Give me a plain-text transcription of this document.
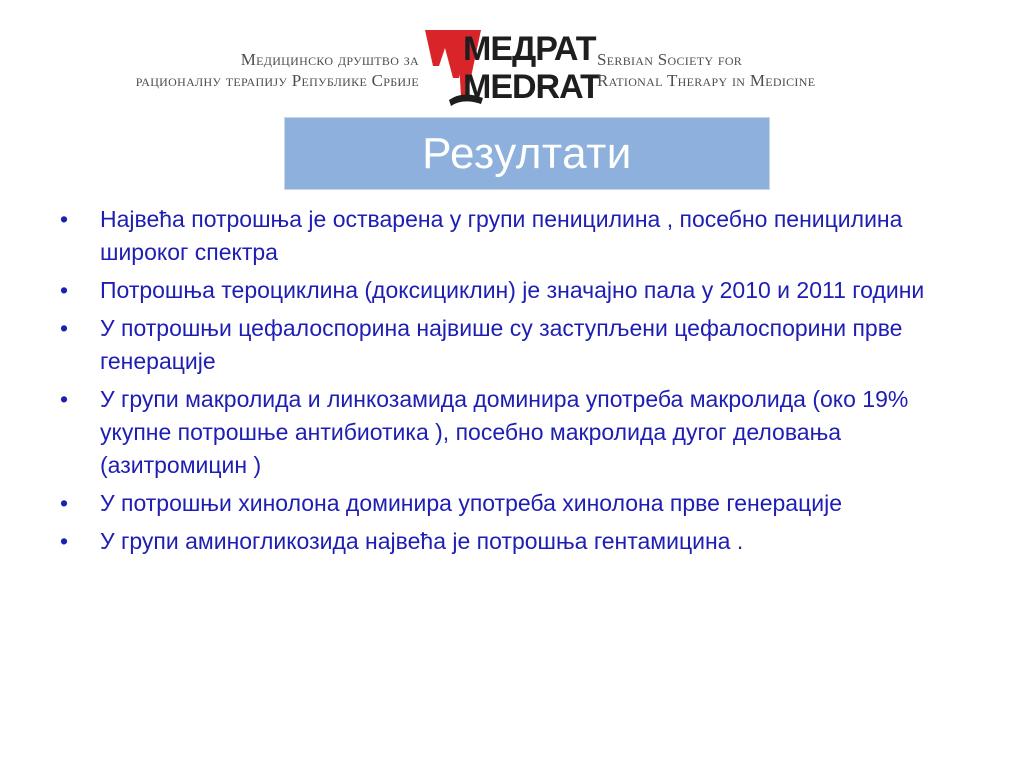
Медицинско друштво за
рационалну терапију Републике Србије
МЕДРАТ
MEDRAT
Serbian Society for
Rational Therapy in Medicine
Резултати
•	Највећа потрошња је остварена у групи пеницилина , посебно пеницилина широког спектра
•	Потрошња тероциклина (доксициклин) је значајно пала у 2010 и 2011 години
•	У потрошњи цефалоспорина највише су заступљени цефалоспорини прве генерације
•	У групи макролида и линкозамида доминира употреба макролида (око 19% укупне потрошње антибиотика ), посебно макролида дугог деловања (азитромицин )
•	У потрошњи хинолона доминира употреба хинолона прве генерације
•	У групи аминогликозида највећа је потрошња гентамицина .
